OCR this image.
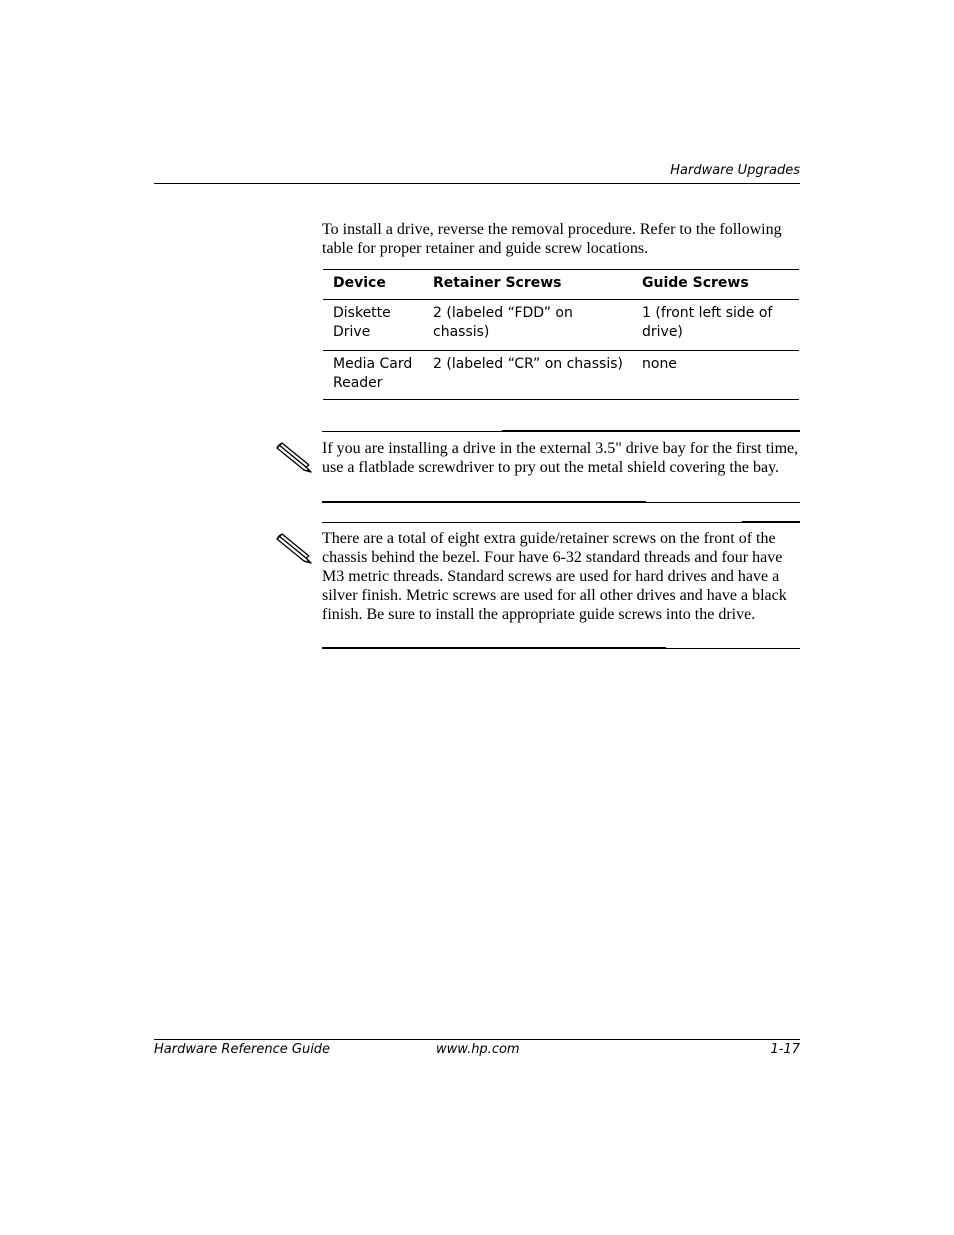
Hardware Upgrades

To install a drive, reverse the removal procedure. Refer to the following table for proper retainer and guide screw locations.

Device	Retainer Screws	Guide Screws
Diskette Drive	2 (labeled “FDD” on chassis)	1 (front left side of drive)
Media Card Reader	2 (labeled “CR” on chassis)	none

If you are installing a drive in the external 3.5" drive bay for the first time, use a flatblade screwdriver to pry out the metal shield covering the bay.

There are a total of eight extra guide/retainer screws on the front of the chassis behind the bezel. Four have 6-32 standard threads and four have M3 metric threads. Standard screws are used for hard drives and have a silver finish. Metric screws are used for all other drives and have a black finish. Be sure to install the appropriate guide screws into the drive.

Hardware Reference Guide	www.hp.com	1-17
